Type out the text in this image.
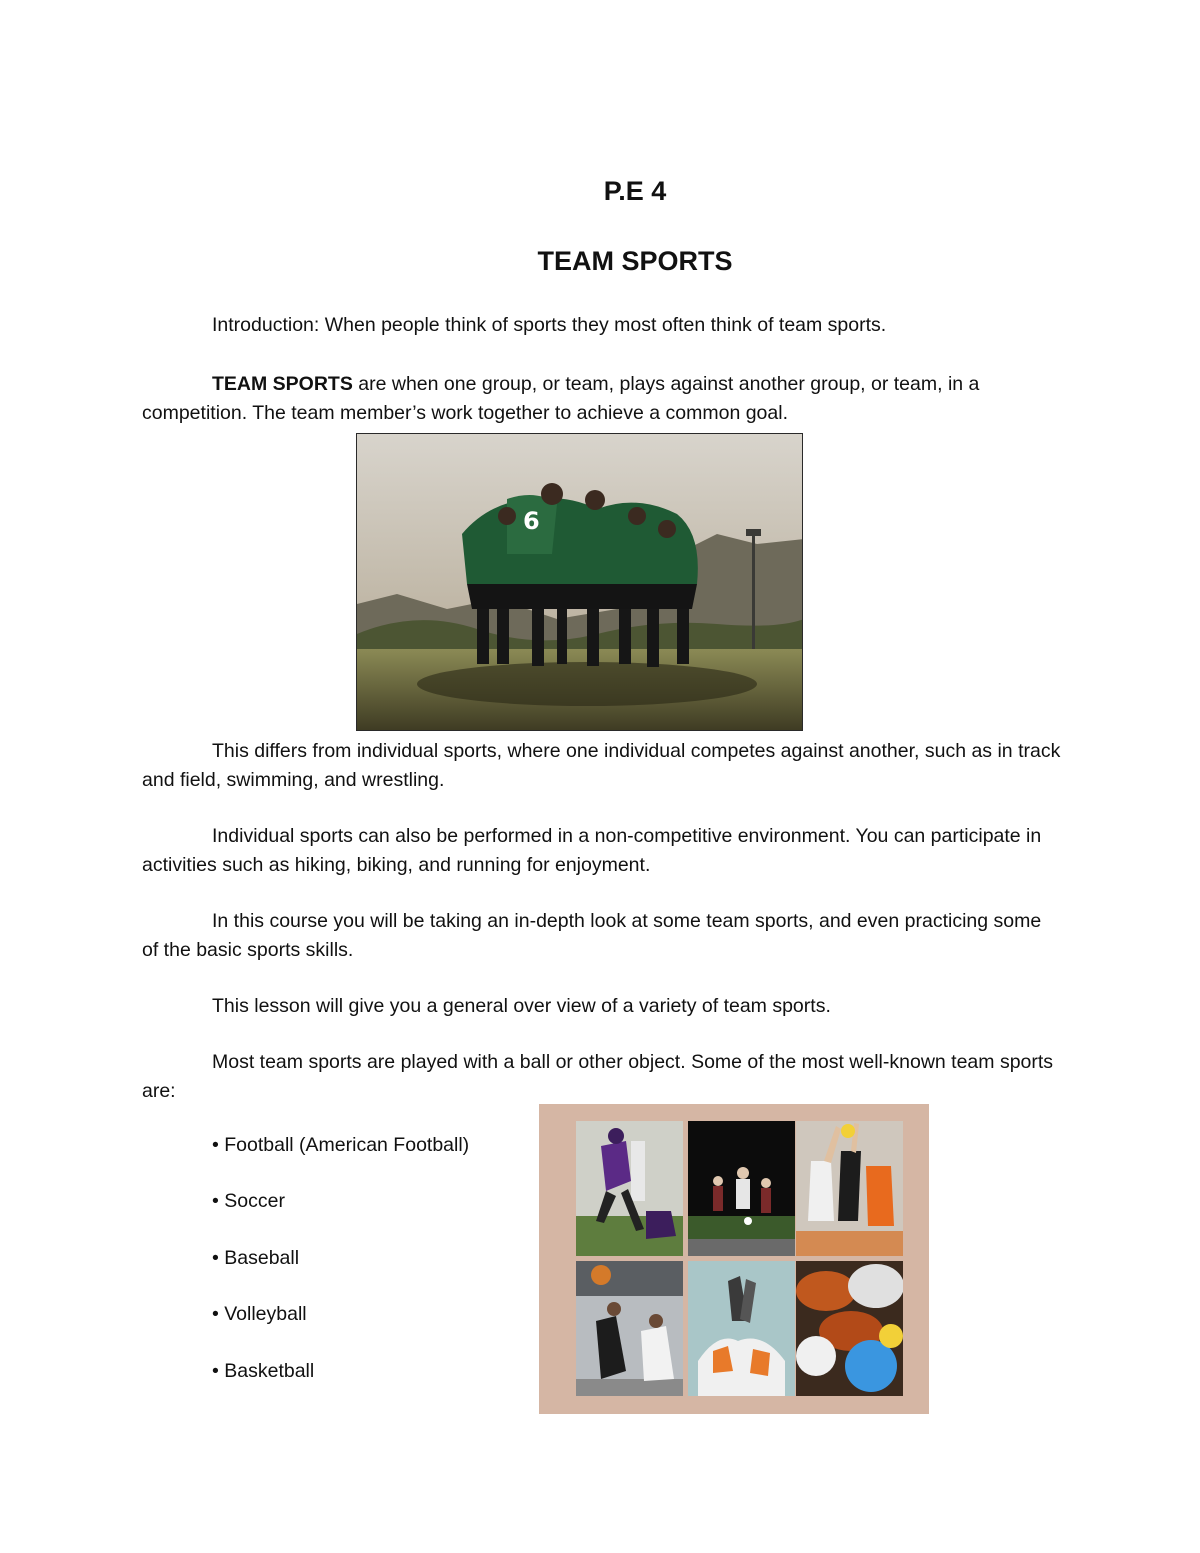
P.E 4
TEAM SPORTS

Introduction: When people think of sports they most often think of team sports.

TEAM SPORTS are when one group, or team, plays against another group, or team, in a competition. The team member’s work together to achieve a common goal.

6

This differs from individual sports, where one individual competes against another, such as in track and field, swimming, and wrestling.

Individual sports can also be performed in a non-competitive environment. You can participate in activities such as hiking, biking, and running for enjoyment.

In this course you will be taking an in-depth look at some team sports, and even practicing some of the basic sports skills.

This lesson will give you a general over view of a variety of team sports.

Most team sports are played with a ball or other object. Some of the most well-known team sports are:

• Football (American Football)
• Soccer
• Baseball
• Volleyball
• Basketball
